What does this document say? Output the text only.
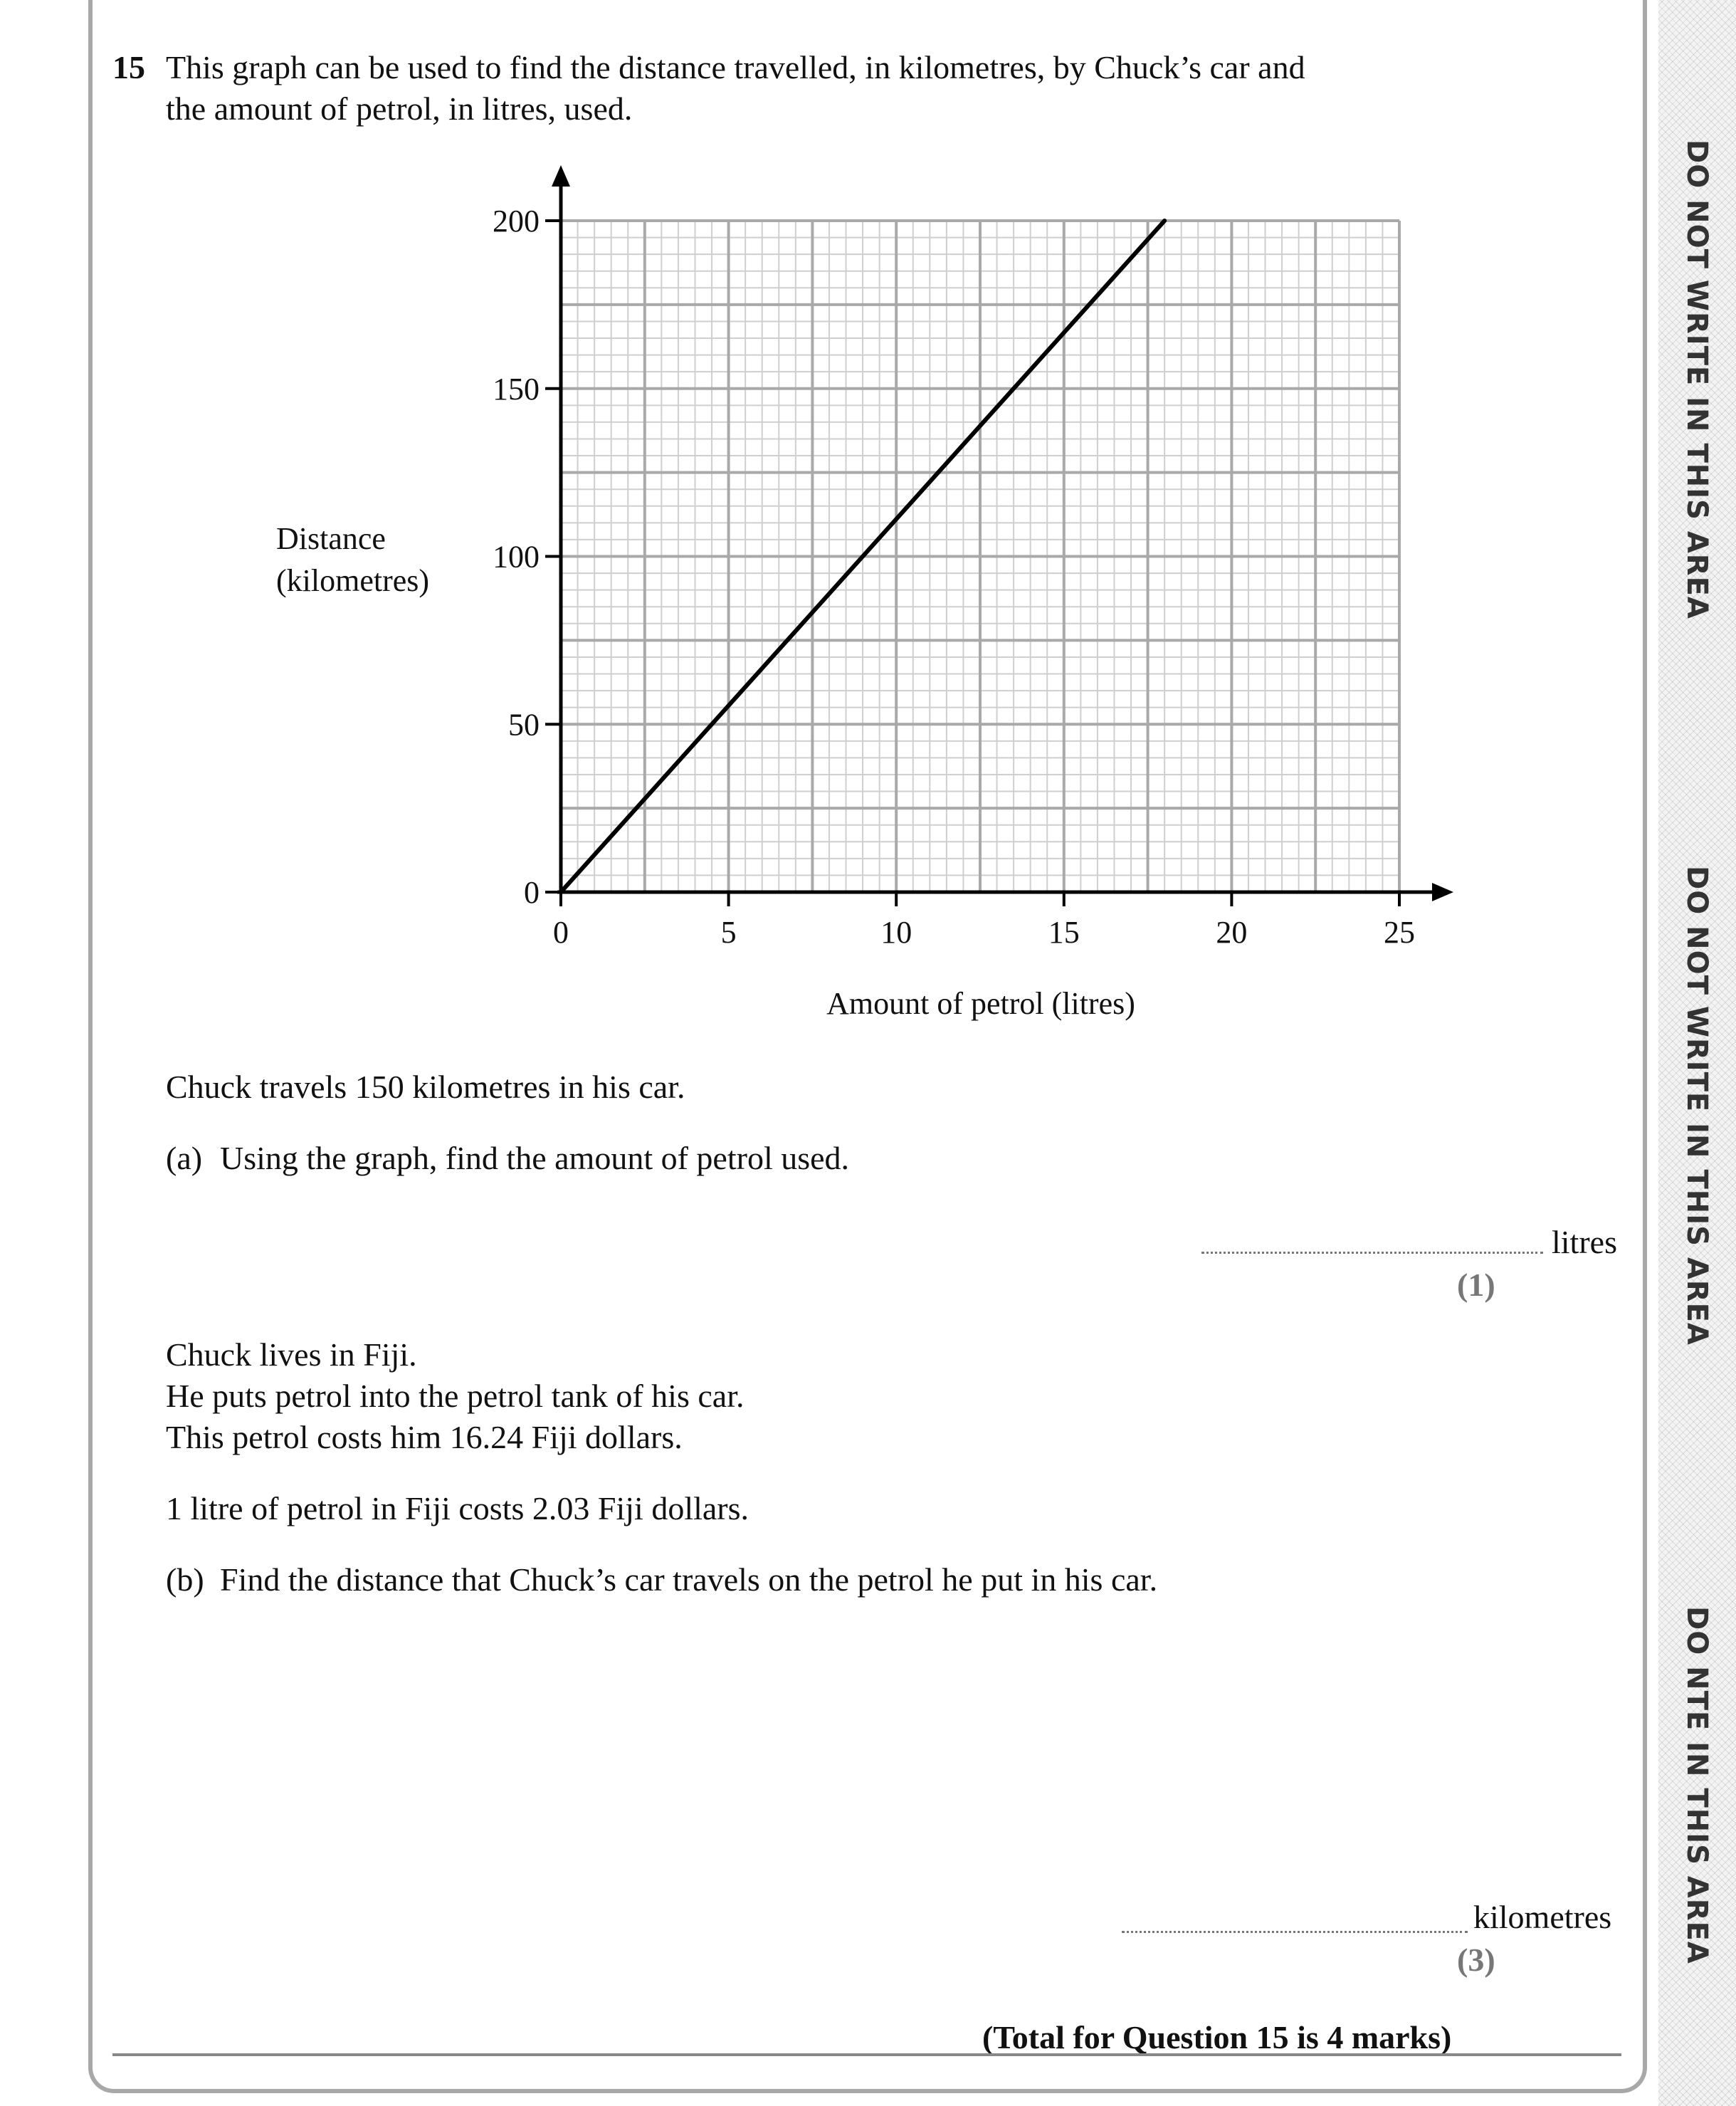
DO NOT WRITE IN THIS AREA
DO NOT WRITE IN THIS AREA
DO NTE IN THIS AREA
15 This graph can be used to find the distance travelled, in kilometres, by Chuck’s car and
the amount of petrol, in litres, used.
0	5	10	15	20	25
0
50
100
150
200
Distance
(kilometres)
Amount of petrol (litres)
Chuck travels 150 kilometres in his car.
(a) Using the graph, find the amount of petrol used.
litres
(1)
Chuck lives in Fiji.
He puts petrol into the petrol tank of his car.
This petrol costs him 16.24 Fiji dollars.
1 litre of petrol in Fiji costs 2.03 Fiji dollars.
(b) Find the distance that Chuck’s car travels on the petrol he put in his car.
kilometres
(3)
(Total for Question 15 is 4 marks)
